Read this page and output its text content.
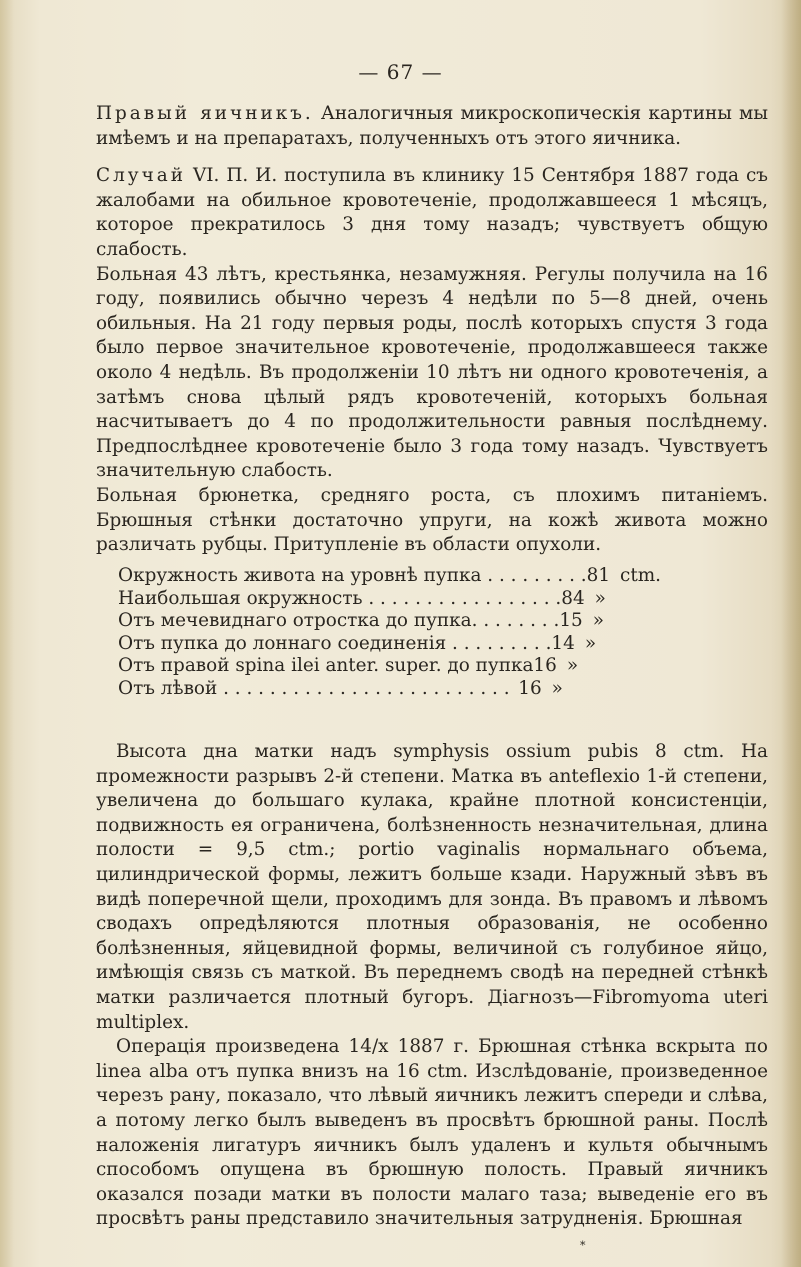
— 67 —

Правый яичникъ. Аналогичныя микроскопическія картины мы имѣемъ и на препаратахъ, полученныхъ отъ этого яичника.

Случай VI. П. И. поступила въ клинику 15 Сентября 1887 года съ жалобами на обильное кровотеченіе, продолжавшееся 1 мѣсяцъ, которое прекратилось 3 дня тому назадъ; чувствуетъ общую слабость.

Больная 43 лѣтъ, крестьянка, незамужняя. Регулы получила на 16 году, появились обычно черезъ 4 недѣли по 5—8 дней, очень обильныя. На 21 году первыя роды, послѣ которыхъ спустя 3 года было первое значительное кровотеченіе, продолжавшееся также около 4 недѣль. Въ продолженіи 10 лѣтъ ни одного кровотеченія, а затѣмъ снова цѣлый рядъ кровотеченій, которыхъ больная насчитываетъ до 4 по продолжительности равныя послѣднему. Предпослѣднее кровотеченіе было 3 года тому назадъ. Чувствуетъ значительную слабость.

Больная брюнетка, средняго роста, съ плохимъ питаніемъ. Брюшныя стѣнки достаточно упруги, на кожѣ живота можно различать рубцы. Притупленіе въ области опухоли.

Окружность живота на уровнѣ пупка . . . . . . . . . 81 ctm.
Наибольшая окружность . . . . . . . . . . . . . . . . . 84 »
Отъ мечевиднаго отростка до пупка. . . . . . . . 15 »
Отъ пупка до лоннаго соединенія . . . . . . . . . 14 »
Отъ правой spina ilei anter. super. до пупка 16 »
Отъ лѣвой . . . . . . . . . . . . . . . . . . . . . . . . . 16 »

Высота дна матки надъ symphysis ossium pubis 8 ctm. На промежности разрывъ 2-й степени. Матка въ anteflexio 1-й степени, увеличена до большаго кулака, крайне плотной консистенціи, подвижность ея ограничена, болѣзненность незначительная, длина полости = 9,5 ctm.; portio vaginalis нормальнаго объема, цилиндрической формы, лежитъ больше кзади. Наружный зѣвъ въ видѣ поперечной щели, проходимъ для зонда. Въ правомъ и лѣвомъ сводахъ опредѣляются плотныя образованія, не особенно болѣзненныя, яйцевидной формы, величиной съ голубиное яйцо, имѣющія связь съ маткой. Въ переднемъ сводѣ на передней стѣнкѣ матки различается плотный бугоръ. Діагнозъ—Fibromyoma uteri multiplex.

Операція произведена 14/x 1887 г. Брюшная стѣнка вскрыта по linea alba отъ пупка внизъ на 16 ctm. Изслѣдованіе, произведенное черезъ рану, показало, что лѣвый яичникъ лежитъ спереди и слѣва, а потому легко былъ выведенъ въ просвѣтъ брюшной раны. Послѣ наложенія лигатуръ яичникъ былъ удаленъ и культя обычнымъ способомъ опущена въ брюшную полость. Правый яичникъ оказался позади матки въ полости малаго таза; выведеніе его въ просвѣтъ раны представило значительныя затрудненія. Брюшная

*
